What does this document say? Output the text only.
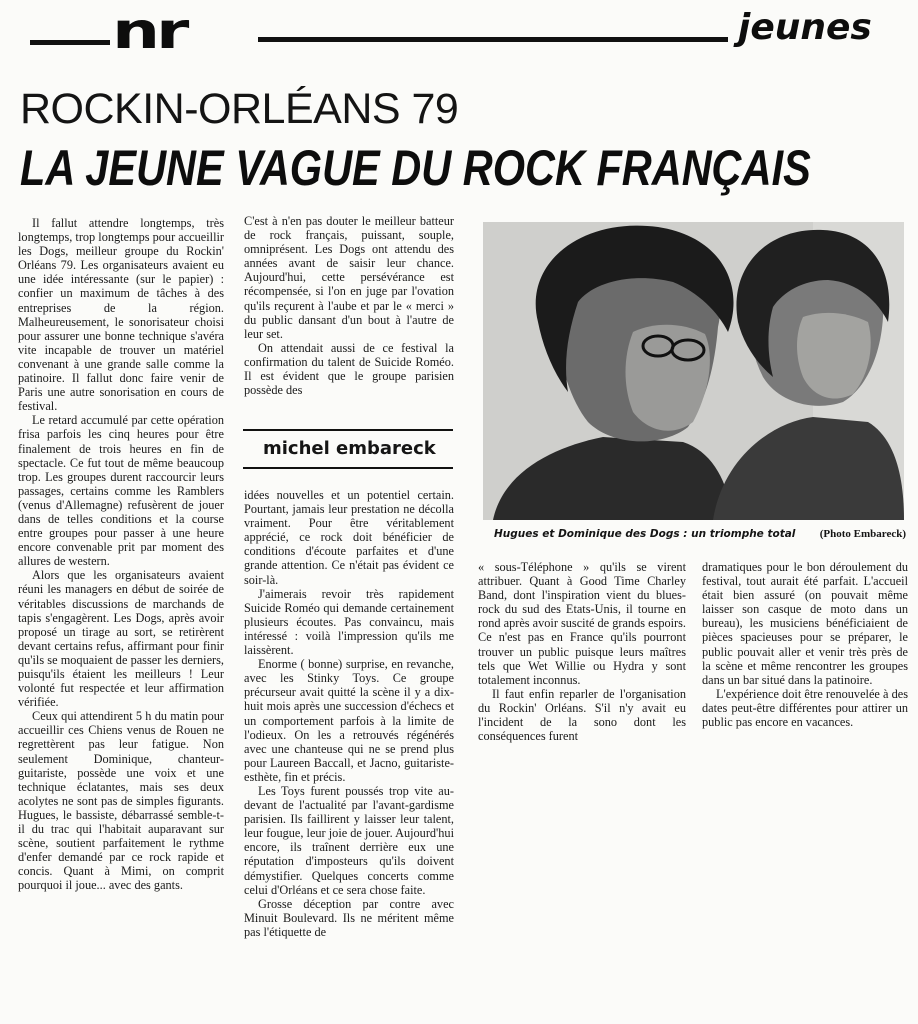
nr	jeunes
ROCKIN-ORLÉANS 79
LA JEUNE VAGUE DU ROCK FRANÇAIS

Il fallut attendre longtemps, très longtemps, trop longtemps pour accueillir les Dogs, meilleur groupe du Rockin' Orléans 79. Les organisateurs avaient eu une idée intéressante (sur le papier) : confier un maximum de tâches à des entreprises de la région. Malheureusement, le sonorisateur choisi pour assurer une bonne technique s'avéra vite incapable de trouver un matériel convenant à une grande salle comme la patinoire. Il fallut donc faire venir de Paris une autre sonorisation en cours de festival.

Le retard accumulé par cette opération frisa parfois les cinq heures pour être finalement de trois heures en fin de spectacle. Ce fut tout de même beaucoup trop. Les groupes durent raccourcir leurs passages, certains comme les Ramblers (venus d'Allemagne) refusèrent de jouer dans de telles conditions et la course entre groupes pour passer à une heure encore convenable prit par moment des allures de western.

Alors que les organisateurs avaient réuni les managers en début de soirée de véritables discussions de marchands de tapis s'engagèrent. Les Dogs, après avoir proposé un tirage au sort, se retirèrent devant certains refus, affirmant pour finir qu'ils se moquaient de passer les derniers, puisqu'ils étaient les meilleurs ! Leur volonté fut respectée et leur affirmation vérifiée.

Ceux qui attendirent 5 h du matin pour accueillir ces Chiens venus de Rouen ne regrettèrent pas leur fatigue. Non seulement Dominique, chanteur-guitariste, possède une voix et une technique éclatantes, mais ses deux acolytes ne sont pas de simples figurants. Hugues, le bassiste, débarrassé semble-t-il du trac qui l'habitait auparavant sur scène, soutient parfaitement le rythme d'enfer demandé par ce rock rapide et concis. Quant à Mimi, on comprit pourquoi il joue... avec des gants.

C'est à n'en pas douter le meilleur batteur de rock français, puissant, souple, omniprésent. Les Dogs ont attendu des années avant de saisir leur chance. Aujourd'hui, cette persévérance est récompensée, si l'on en juge par l'ovation qu'ils reçurent à l'aube et par le « merci » du public dansant d'un bout à l'autre de leur set.

On attendait aussi de ce festival la confirmation du talent de Suicide Roméo. Il est évident que le groupe parisien possède des

michel embareck

idées nouvelles et un potentiel certain. Pourtant, jamais leur prestation ne décolla vraiment. Pour être véritablement apprécié, ce rock doit bénéficier de conditions d'écoute parfaites et d'une grande attention. Ce n'était pas évident ce soir-là.

J'aimerais revoir très rapidement Suicide Roméo qui demande certainement plusieurs écoutes. Pas convaincu, mais intéressé : voilà l'impression qu'ils me laissèrent.

Enorme ( bonne) surprise, en revanche, avec les Stinky Toys. Ce groupe précurseur avait quitté la scène il y a dix-huit mois après une succession d'échecs et un comportement parfois à la limite de l'odieux. On les a retrouvés régénérés avec une chanteuse qui ne se prend plus pour Laureen Baccall, et Jacno, guitariste-esthète, fin et précis.

Les Toys furent poussés trop vite au-devant de l'actualité par l'avant-gardisme parisien. Ils faillirent y laisser leur talent, leur fougue, leur joie de jouer. Aujourd'hui encore, ils traînent derrière eux une réputation d'imposteurs qu'ils doivent démystifier. Quelques concerts comme celui d'Orléans et ce sera chose faite.

Grosse déception par contre avec Minuit Boulevard. Ils ne méritent même pas l'étiquette de

Hugues et Dominique des Dogs : un triomphe total (Photo Embareck)

« sous-Téléphone » qu'ils se virent attribuer. Quant à Good Time Charley Band, dont l'inspiration vient du blues-rock du sud des Etats-Unis, il tourne en rond après avoir suscité de grands espoirs. Ce n'est pas en France qu'ils pourront trouver un public puisque leurs maîtres tels que Wet Willie ou Hydra y sont totalement inconnus.

Il faut enfin reparler de l'organisation du Rockin' Orléans. S'il n'y avait eu l'incident de la sono dont les conséquences furent

dramatiques pour le bon déroulement du festival, tout aurait été parfait. L'accueil était bien assuré (on pouvait même laisser son casque de moto dans un bureau), les musiciens bénéficiaient de pièces spacieuses pour se préparer, le public pouvait aller et venir très près de la scène et même rencontrer les groupes dans un bar situé dans la patinoire.

L'expérience doit être renouvelée à des dates peut-être différentes pour attirer un public pas encore en vacances.
